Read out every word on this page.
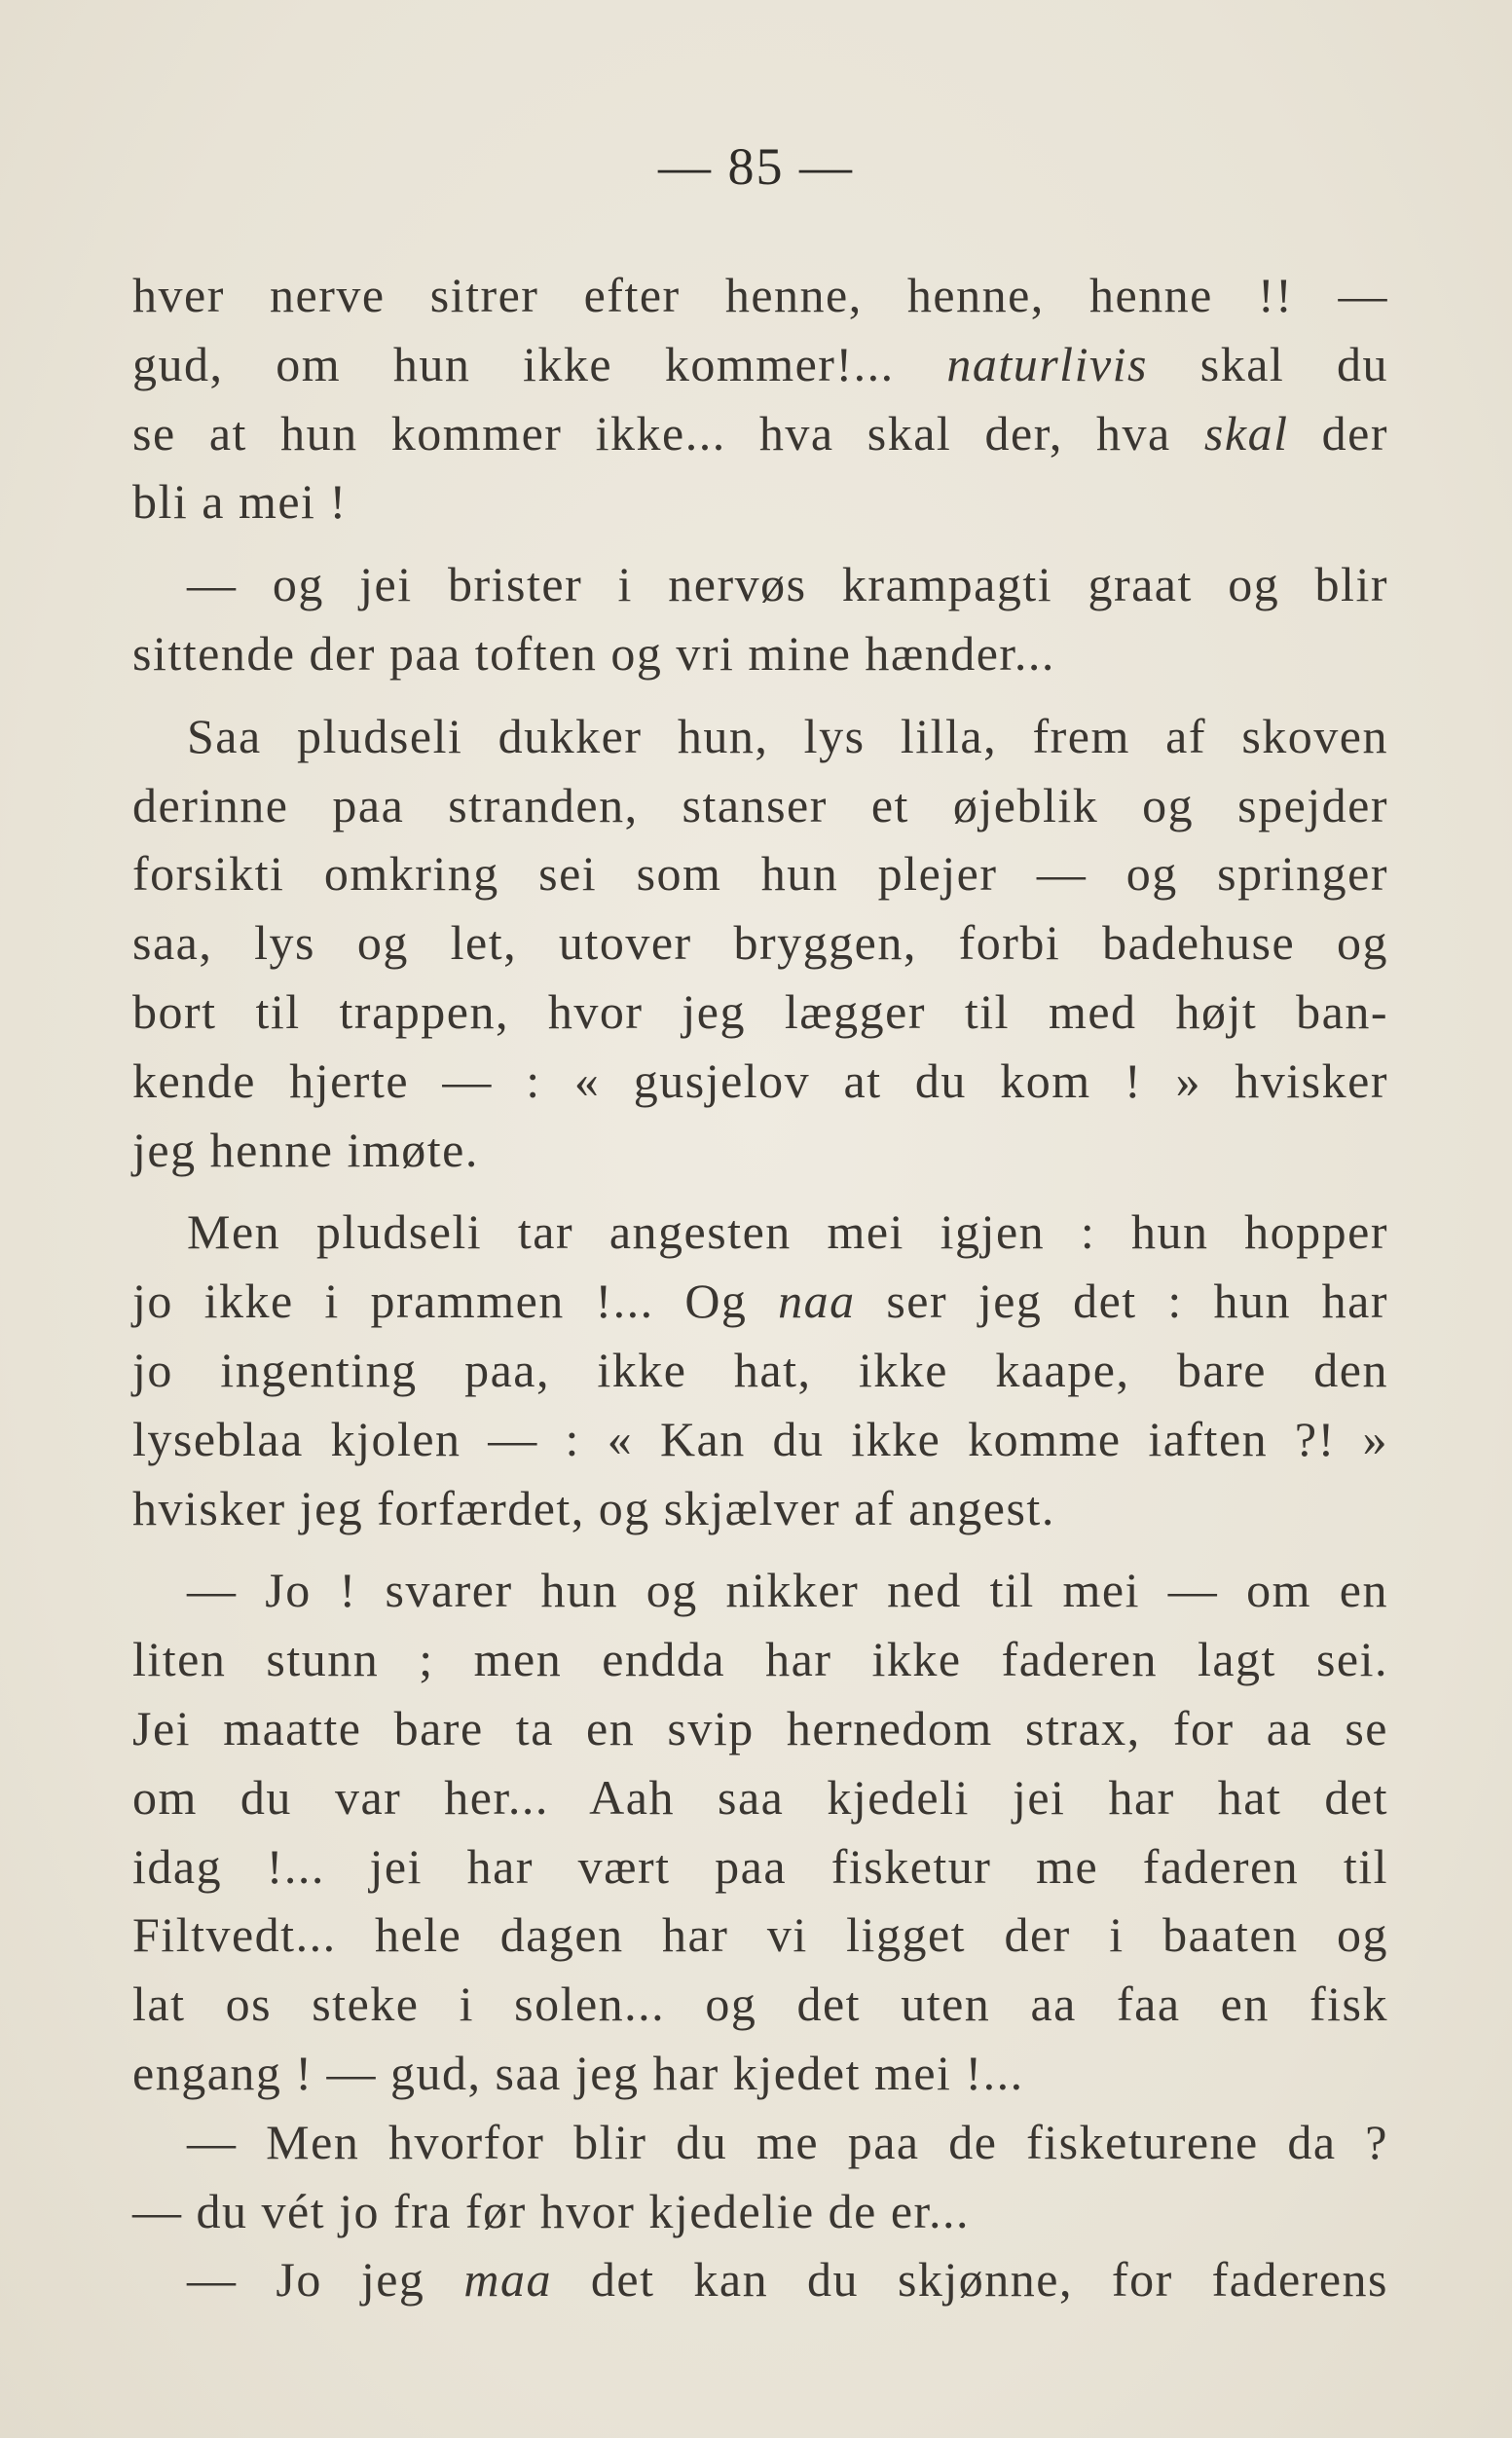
— 85 —
hver nerve sitrer efter henne, henne, henne !! —
gud, om hun ikke kommer!... naturlivis skal du
se at hun kommer ikke... hva skal der, hva skal der
bli a mei !
— og jei brister i nervøs krampagti graat og blir
sittende der paa toften og vri mine hænder...
Saa pludseli dukker hun, lys lilla, frem af skoven
derinne paa stranden, stanser et øjeblik og spejder
forsikti omkring sei som hun plejer — og springer
saa, lys og let, utover bryggen, forbi badehuse og
bort til trappen, hvor jeg lægger til med højt ban-
kende hjerte — : « gusjelov at du kom ! » hvisker
jeg henne imøte.
Men pludseli tar angesten mei igjen : hun hopper
jo ikke i prammen !... Og naa ser jeg det : hun har
jo ingenting paa, ikke hat, ikke kaape, bare den
lyseblaa kjolen — : « Kan du ikke komme iaften ?! »
hvisker jeg forfærdet, og skjælver af angest.
— Jo ! svarer hun og nikker ned til mei — om en
liten stunn ; men endda har ikke faderen lagt sei.
Jei maatte bare ta en svip hernedom strax, for aa se
om du var her... Aah saa kjedeli jei har hat det
idag !... jei har vært paa fisketur me faderen til
Filtvedt... hele dagen har vi ligget der i baaten og
lat os steke i solen... og det uten aa faa en fisk
engang ! — gud, saa jeg har kjedet mei !...
— Men hvorfor blir du me paa de fisketurene da ?
— du vét jo fra før hvor kjedelie de er...
— Jo jeg maa det kan du skjønne, for faderens
